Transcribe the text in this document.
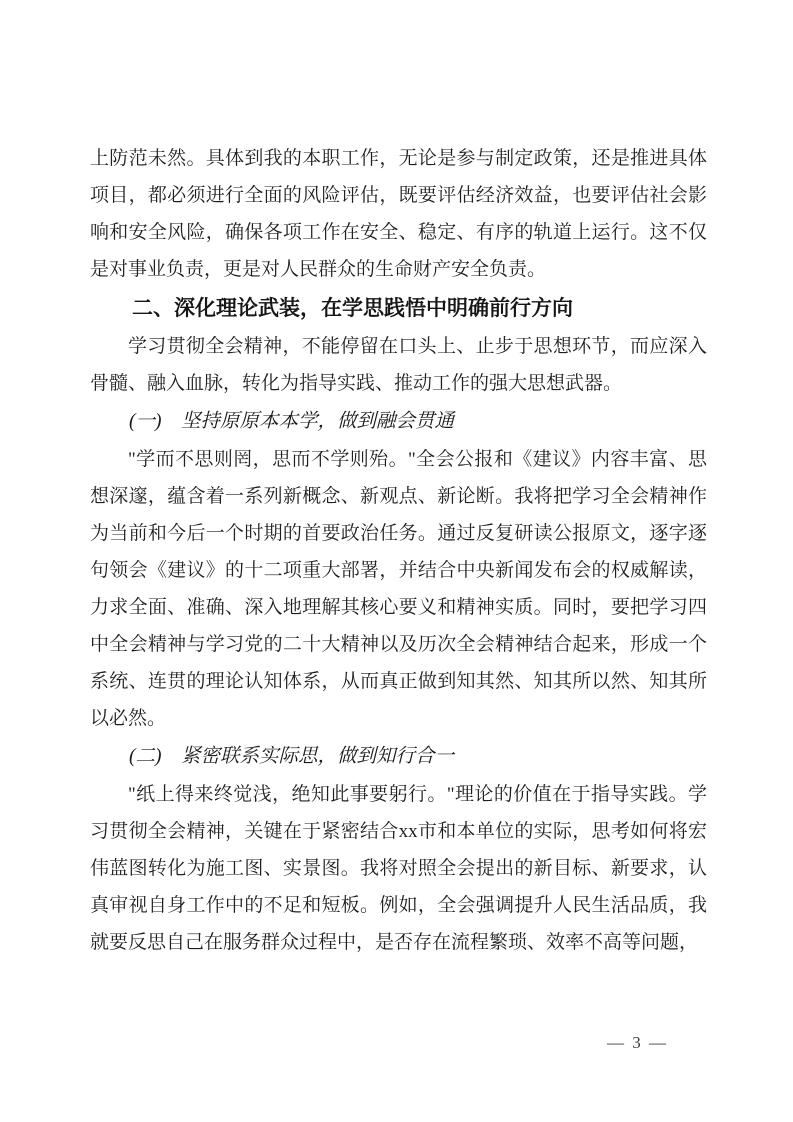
上防范未然。具体到我的本职工作，无论是参与制定政策，还是推进具体项目，都必须进行全面的风险评估，既要评估经济效益，也要评估社会影响和安全风险，确保各项工作在安全、稳定、有序的轨道上运行。这不仅是对事业负责，更是对人民群众的生命财产安全负责。

二、深化理论武装，在学思践悟中明确前行方向

学习贯彻全会精神，不能停留在口头上、止步于思想环节，而应深入骨髓、融入血脉，转化为指导实践、推动工作的强大思想武器。

(一)　坚持原原本本学，做到融会贯通

"学而不思则罔，思而不学则殆。"全会公报和《建议》内容丰富、思想深邃，蕴含着一系列新概念、新观点、新论断。我将把学习全会精神作为当前和今后一个时期的首要政治任务。通过反复研读公报原文，逐字逐句领会《建议》的十二项重大部署，并结合中央新闻发布会的权威解读，力求全面、准确、深入地理解其核心要义和精神实质。同时，要把学习四中全会精神与学习党的二十大精神以及历次全会精神结合起来，形成一个系统、连贯的理论认知体系，从而真正做到知其然、知其所以然、知其所以必然。

(二)　紧密联系实际思，做到知行合一

"纸上得来终觉浅，绝知此事要躬行。"理论的价值在于指导实践。学习贯彻全会精神，关键在于紧密结合xx市和本单位的实际，思考如何将宏伟蓝图转化为施工图、实景图。我将对照全会提出的新目标、新要求，认真审视自身工作中的不足和短板。例如，全会强调提升人民生活品质，我就要反思自己在服务群众过程中，是否存在流程繁琐、效率不高等问题，

— 3 —
